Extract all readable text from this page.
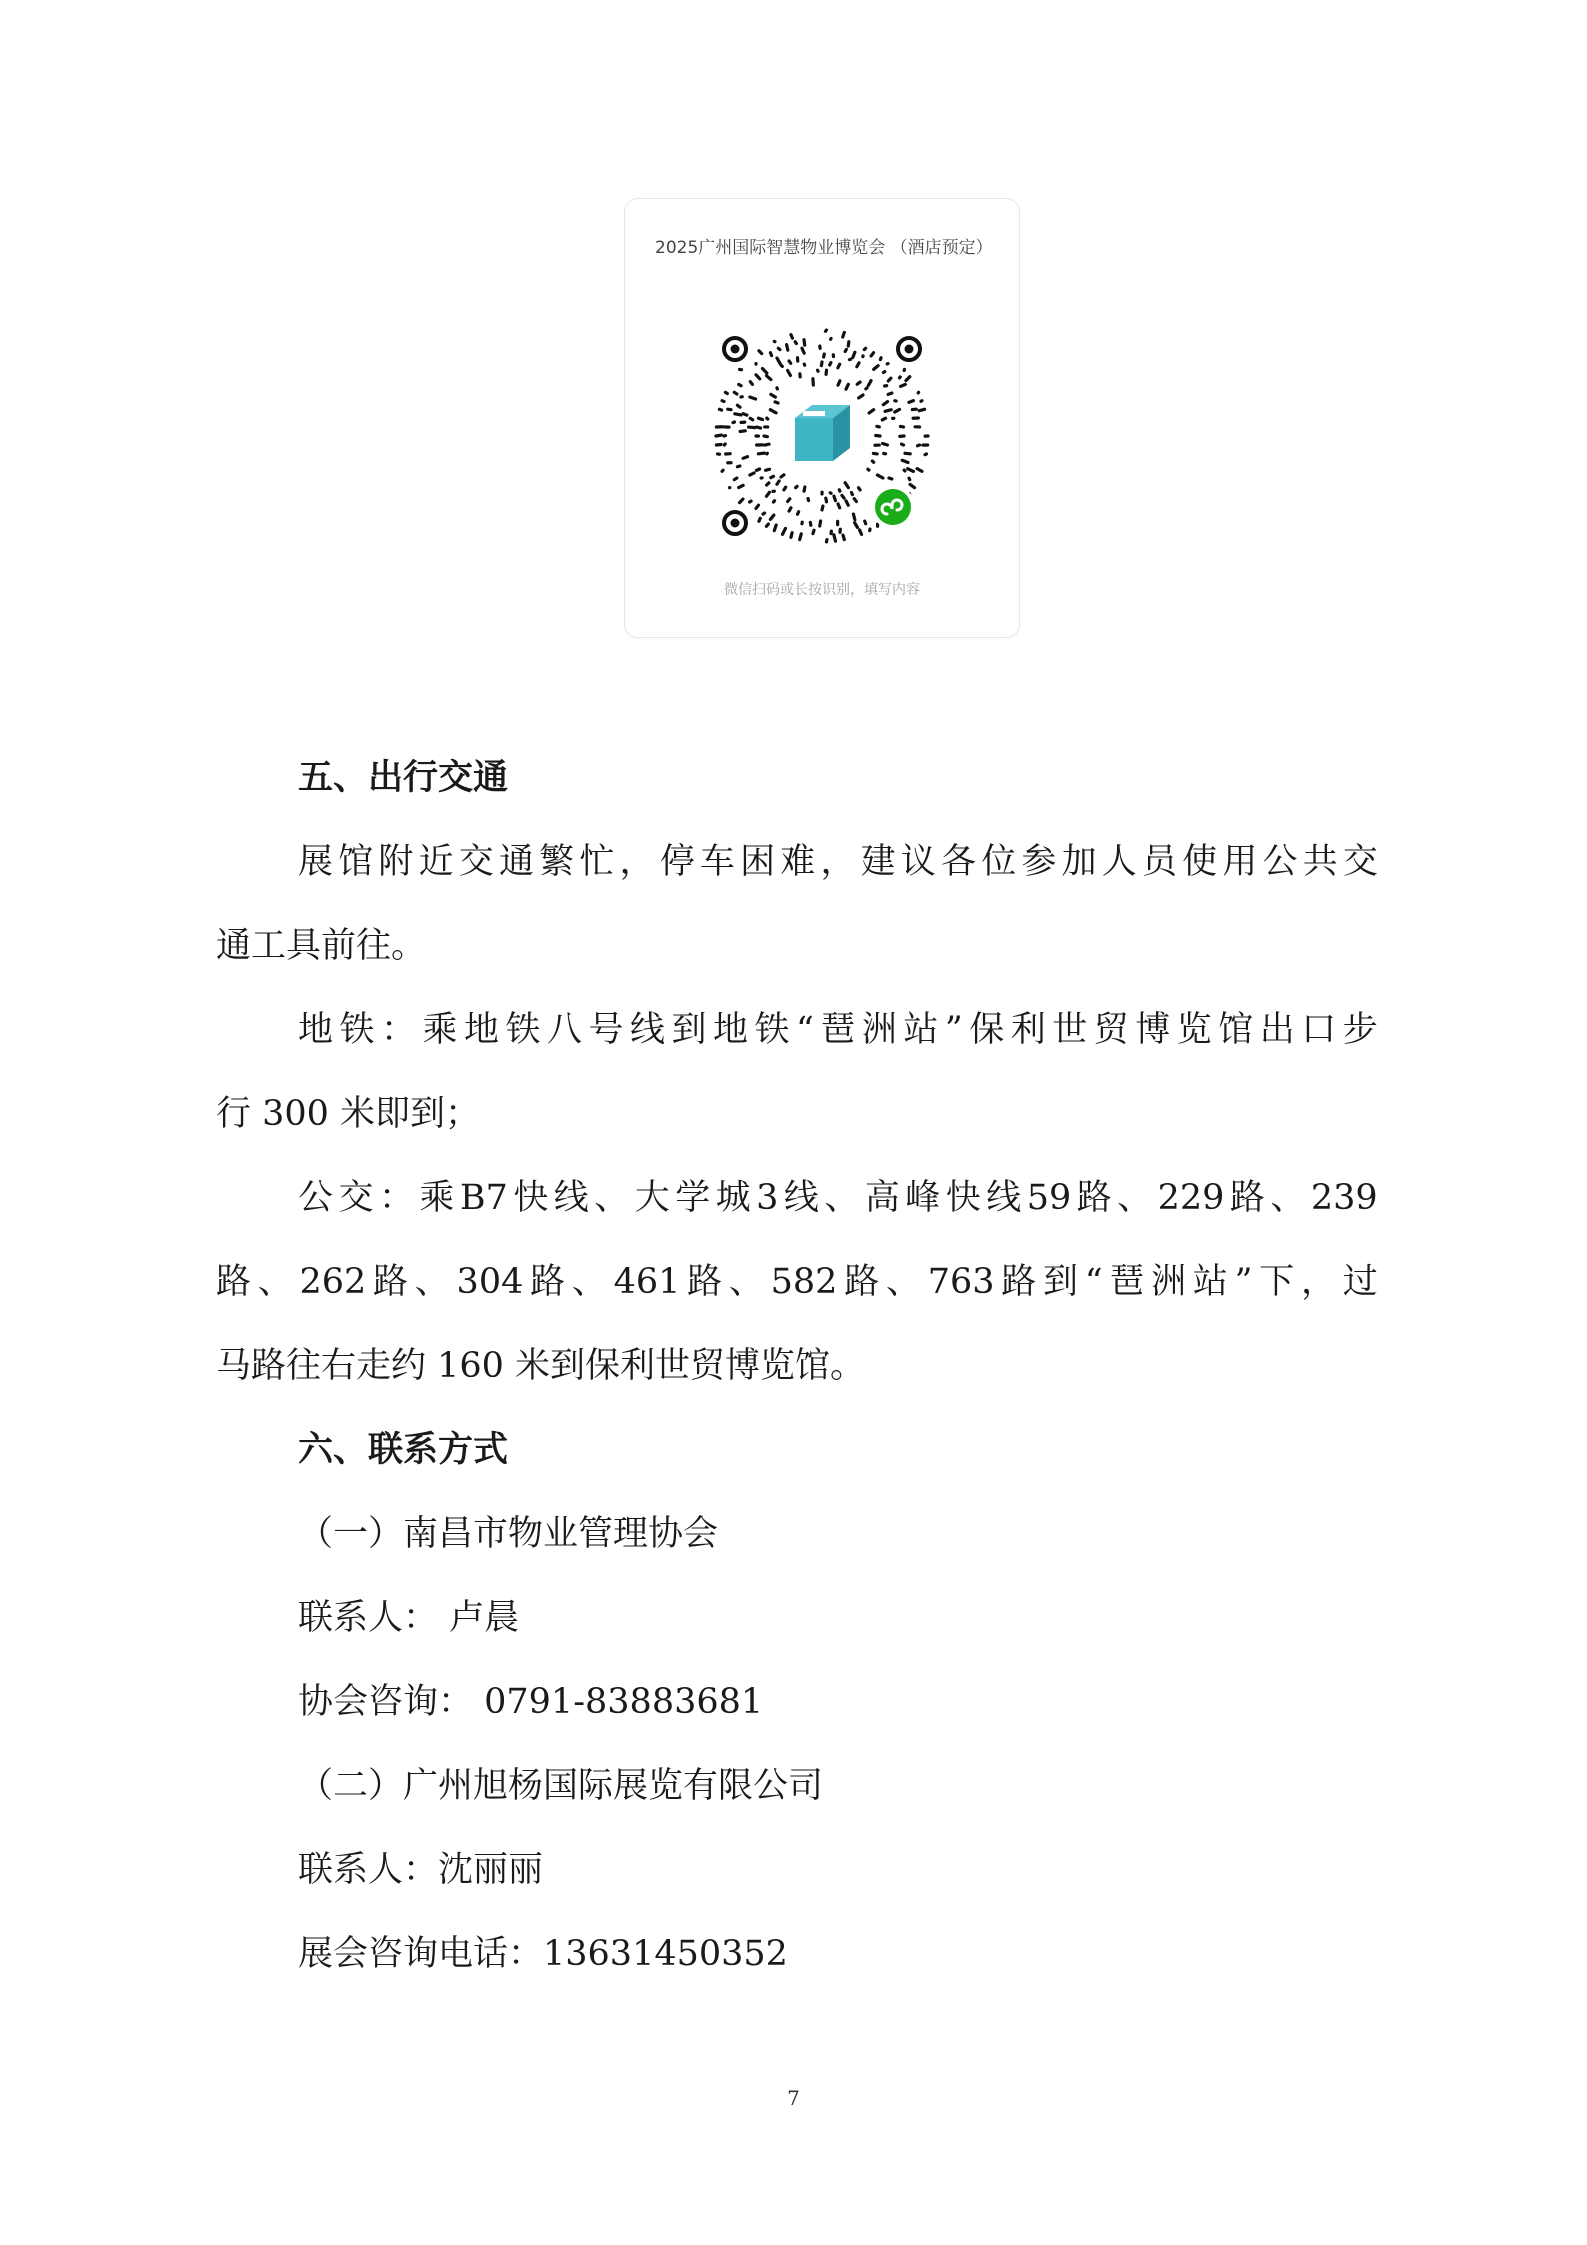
2025广州国际智慧物业博览会 （酒店预定）
微信扫码或长按识别，填写内容
五、出行交通
展 馆 附 近 交 通 繁 忙 ， 停 车 困 难 ， 建 议 各 位 参 加 人 员 使 用 公 共 交
通工具前往。
地 铁 ： 乘 地 铁 八 号 线 到 地 铁 “ 琶 洲 站 ” 保 利 世 贸 博 览 馆 出 口 步
行 300 米即到；
公 交 ： 乘 B7 快 线 、 大 学 城 3 线 、 高 峰 快 线 59 路 、 229 路 、 239
路 、 262 路 、 304 路 、 461 路 、 582 路 、 763 路 到 “ 琶 洲 站 ” 下 ， 过
马路往右走约 160 米到保利世贸博览馆。
六、联系方式
（一）南昌市物业管理协会
联系人： 卢晨
协会咨询： 0791-83883681
（二）广州旭杨国际展览有限公司
联系人：沈丽丽
展会咨询电话：13631450352
7
